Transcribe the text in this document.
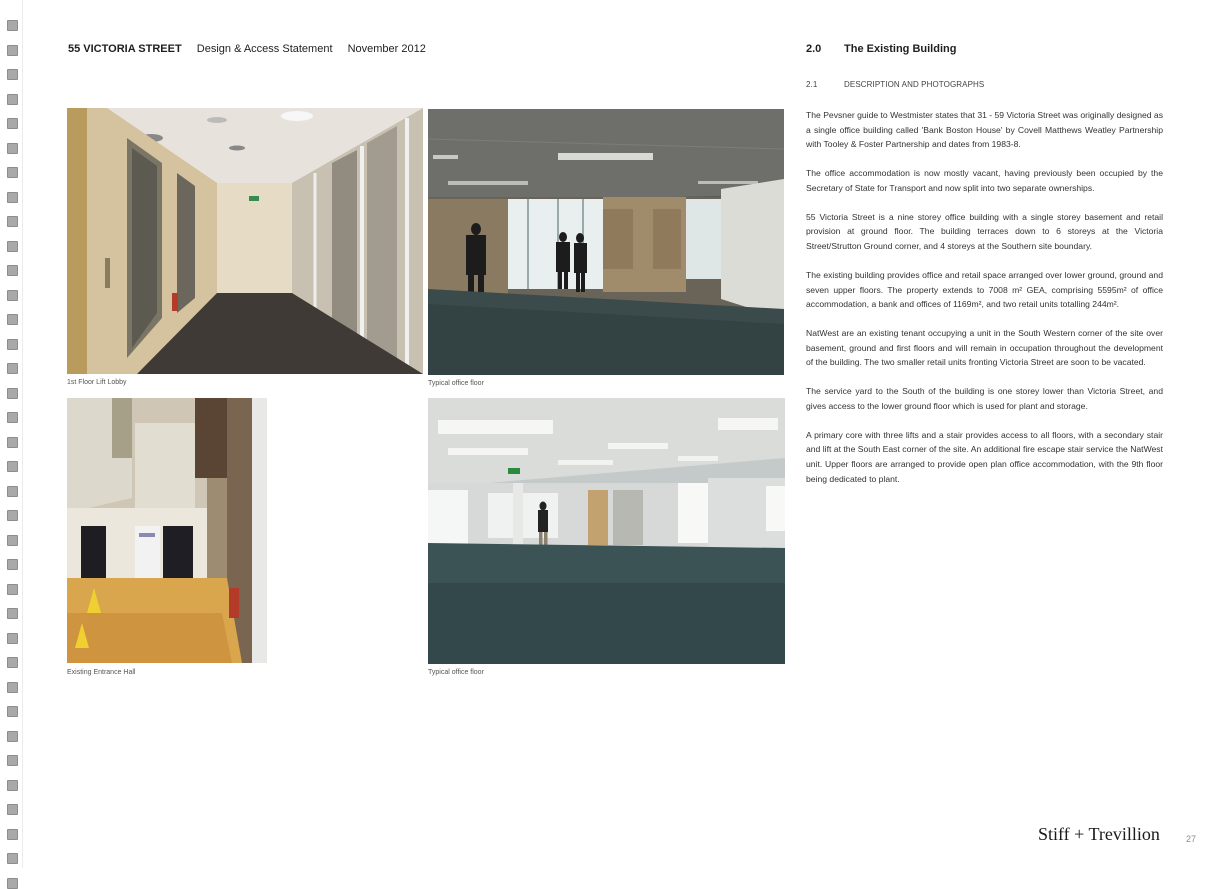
55 VICTORIA STREET Design & Access Statement November 2012
1st Floor Lift Lobby	Typical office floor
Existing Entrance Hall	Typical office floor
2.0 The Existing Building
2.1	DESCRIPTION AND PHOTOGRAPHS

The Pevsner guide to Westmister states that 31 - 59 Victoria Street was originally designed as a single office building called 'Bank Boston House' by Covell Matthews Weatley Partnership with Tooley & Foster Partnership and dates from 1983-8.

The office accommodation is now mostly vacant, having previously been occupied by the Secretary of State for Transport and now split into two separate ownerships.

55 Victoria Street is a nine storey office building with a single storey basement and retail provision at ground floor. The building terraces down to 6 storeys at the Victoria Street/Strutton Ground corner, and 4 storeys at the Southern site boundary.

The existing building provides office and retail space arranged over lower ground, ground and seven upper floors. The property extends to 7008 m² GEA, comprising 5595m² of office accommodation, a bank and offices of 1169m², and two retail units totalling 244m².

NatWest are an existing tenant occupying a unit in the South Western corner of the site over basement, ground and first floors and will remain in occupation throughout the development of the building. The two smaller retail units fronting Victoria Street are soon to be vacated.

The service yard to the South of the building is one storey lower than Victoria Street, and gives access to the lower ground floor which is used for plant and storage.

A primary core with three lifts and a stair provides access to all floors, with a secondary stair and lift at the South East corner of the site. An additional fire escape stair service the NatWest unit. Upper floors are arranged to provide open plan office accommodation, with the 9th floor being dedicated to plant.

Stiff + Trevillion	27
